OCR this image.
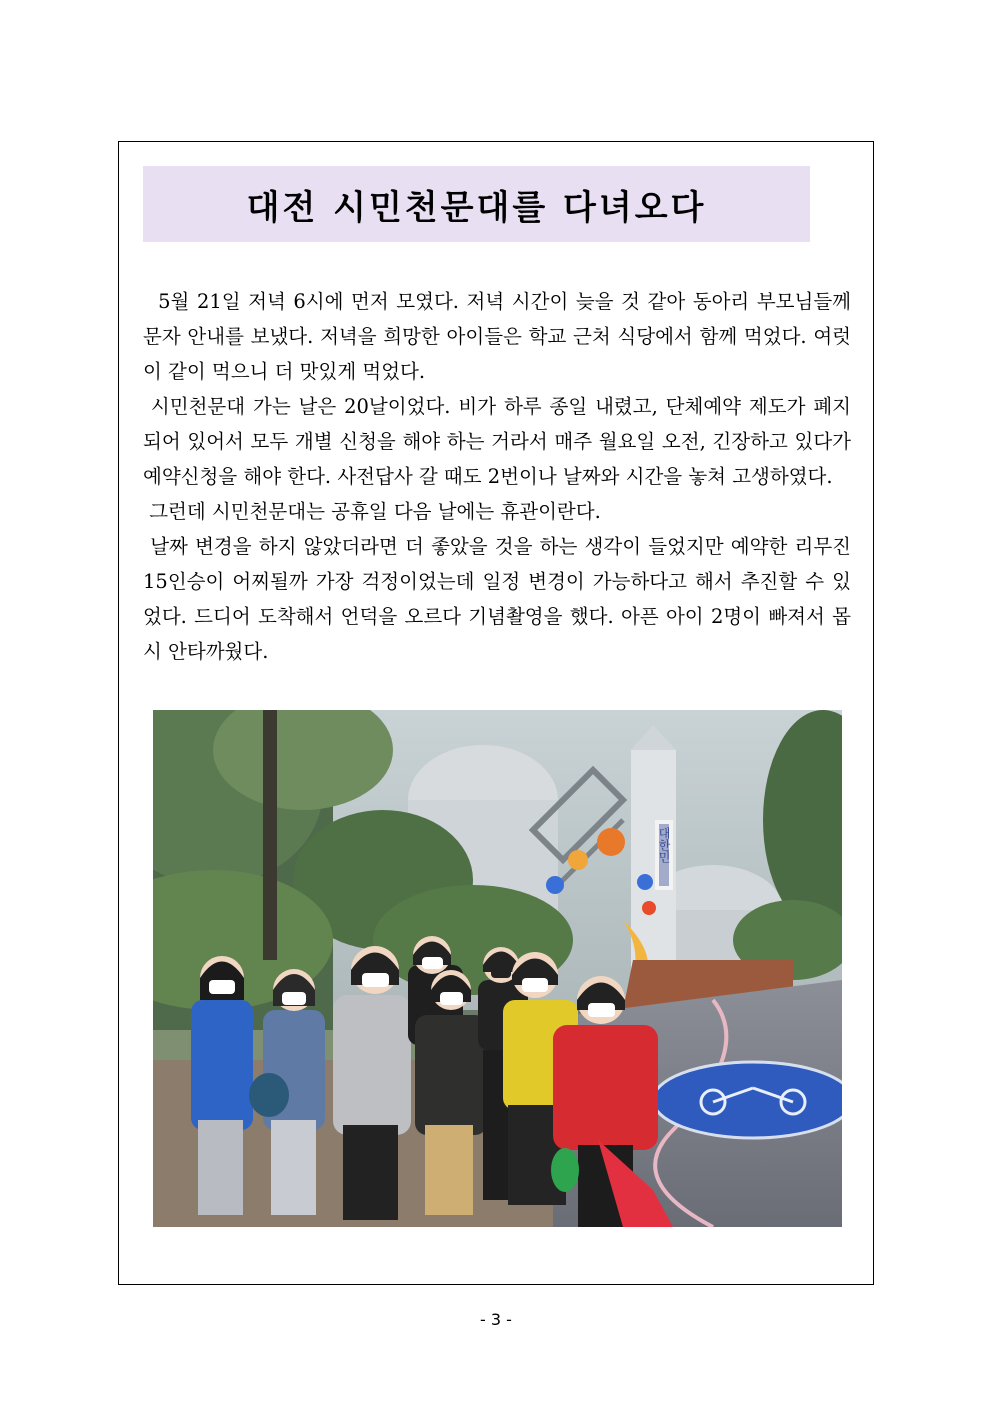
대전 시민천문대를 다녀오다

5월 21일 저녁 6시에 먼저 모였다. 저녁 시간이 늦을 것 같아 동아리 부모님들께 문자 안내를 보냈다. 저녁을 희망한 아이들은 학교 근처 식당에서 함께 먹었다. 여럿이 같이 먹으니 더 맛있게 먹었다.

시민천문대 가는 날은 20날이었다. 비가 하루 종일 내렸고, 단체예약 제도가 폐지되어 있어서 모두 개별 신청을 해야 하는 거라서 매주 월요일 오전, 긴장하고 있다가 예약신청을 해야 한다. 사전답사 갈 때도 2번이나 날짜와 시간을 놓쳐 고생하였다.

그런데 시민천문대는 공휴일 다음 날에는 휴관이란다.

날짜 변경을 하지 않았더라면 더 좋았을 것을 하는 생각이 들었지만 예약한 리무진 15인승이 어찌될까 가장 걱정이었는데 일정 변경이 가능하다고 해서 추진할 수 있었다. 드디어 도착해서 언덕을 오르다 기념촬영을 했다. 아픈 아이 2명이 빠져서 몹시 안타까웠다.

대한민
- 3 -
